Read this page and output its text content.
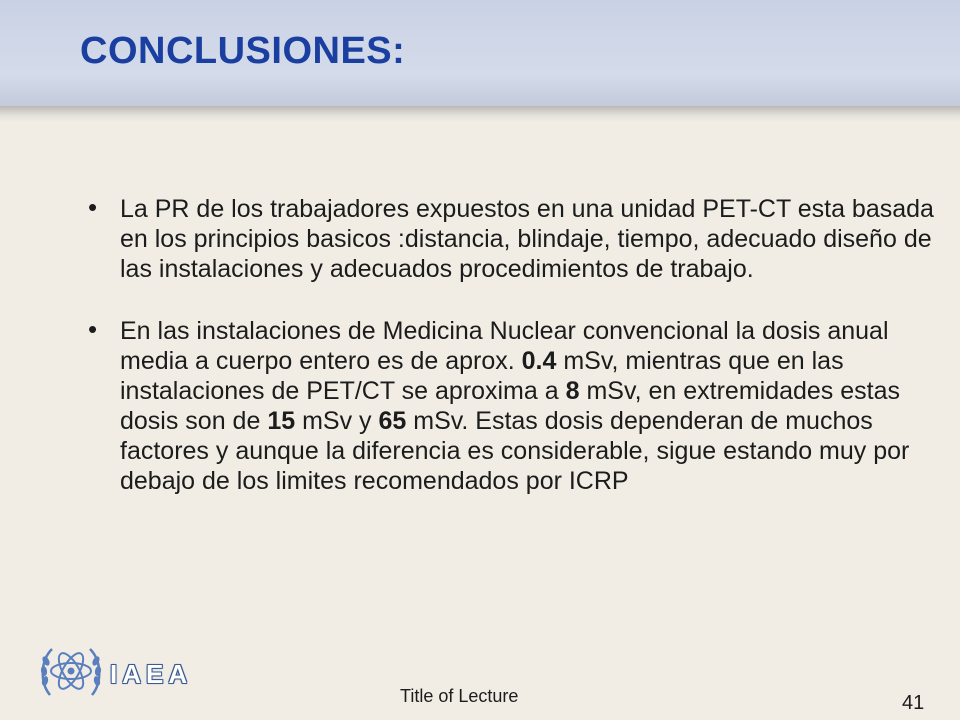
CONCLUSIONES:
• La PR de los trabajadores expuestos en una unidad PET-CT esta basada en los principios basicos :distancia, blindaje, tiempo, adecuado diseño de las instalaciones y adecuados procedimientos de trabajo.

• En las instalaciones de Medicina Nuclear convencional la dosis anual media a cuerpo entero es de aprox. 0.4 mSv, mientras que en las instalaciones de PET/CT se aproxima a 8 mSv, en extremidades estas dosis son de 15 mSv y 65 mSv. Estas dosis dependeran de muchos factores y aunque la diferencia es considerable, sigue estando muy por debajo de los limites recomendados por ICRP

IAEA
Title of Lecture	41
